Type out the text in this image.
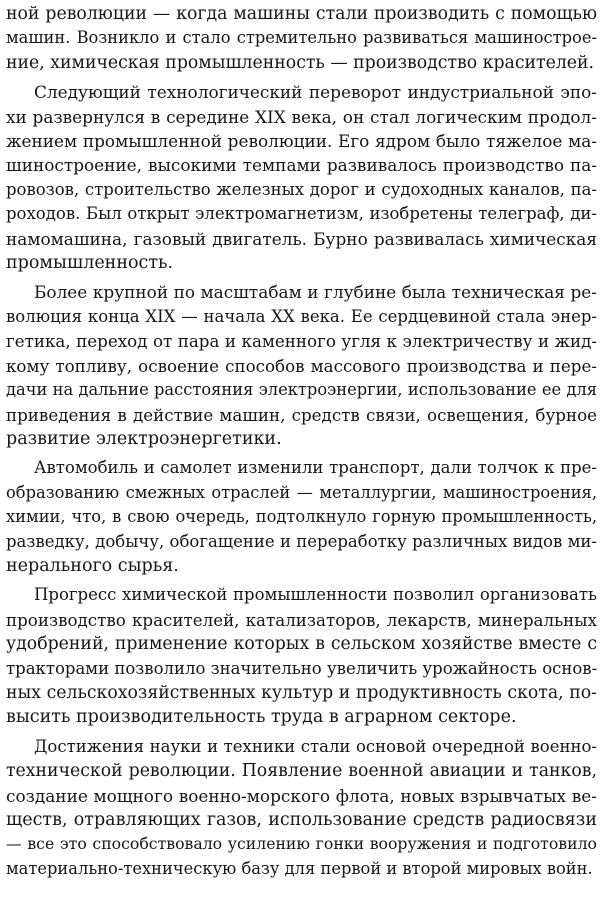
ной революции — когда машины стали производить с помощью
машин. Возникло и стало стремительно развиваться машинострое-
ние, химическая промышленность — производство красителей.
Следующий технологический переворот индустриальной эпо-
хи развернулся в середине XIX века, он стал логическим продол-
жением промышленной революции. Его ядром было тяжелое ма-
шиностроение, высокими темпами развивалось производство па-
ровозов, строительство железных дорог и судоходных каналов, па-
роходов. Был открыт электромагнетизм, изобретены телеграф, ди-
намомашина, газовый двигатель. Бурно развивалась химическая
промышленность.
Более крупной по масштабам и глубине была техническая ре-
волюция конца XIX — начала XX века. Ее сердцевиной стала энер-
гетика, переход от пара и каменного угля к электричеству и жид-
кому топливу, освоение способов массового производства и пере-
дачи на дальние расстояния электроэнергии, использование ее для
приведения в действие машин, средств связи, освещения, бурное
развитие электроэнергетики.
Автомобиль и самолет изменили транспорт, дали толчок к пре-
образованию смежных отраслей — металлургии, машиностроения,
химии, что, в свою очередь, подтолкнуло горную промышленность,
разведку, добычу, обогащение и переработку различных видов ми-
нерального сырья.
Прогресс химической промышленности позволил организовать
производство красителей, катализаторов, лекарств, минеральных
удобрений, применение которых в сельском хозяйстве вместе с
тракторами позволило значительно увеличить урожайность основ-
ных сельскохозяйственных культур и продуктивность скота, по-
высить производительность труда в аграрном секторе.
Достижения науки и техники стали основой очередной военно-
технической революции. Появление военной авиации и танков,
создание мощного военно-морского флота, новых взрывчатых ве-
ществ, отравляющих газов, использование средств радиосвязи
— все это способствовало усилению гонки вооружения и подготовило
материально-техническую базу для первой и второй мировых войн.
